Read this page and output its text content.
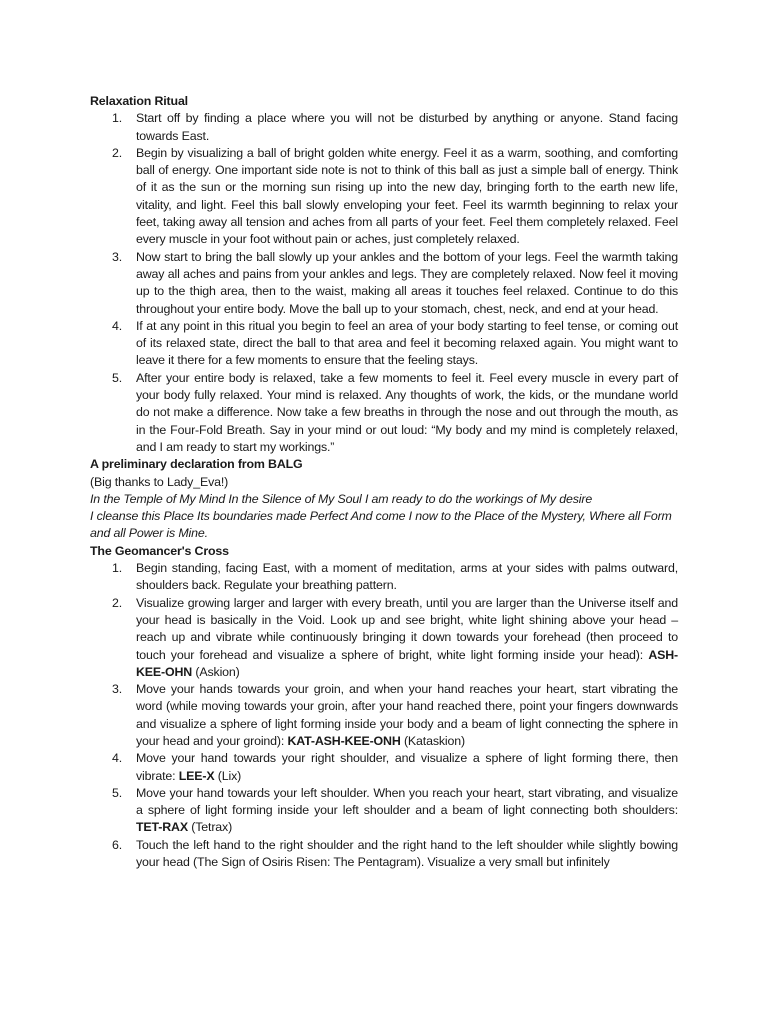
Relaxation Ritual

1. Start off by finding a place where you will not be disturbed by anything or anyone. Stand facing towards East.
2. Begin by visualizing a ball of bright golden white energy. Feel it as a warm, soothing, and comforting ball of energy. One important side note is not to think of this ball as just a simple ball of energy. Think of it as the sun or the morning sun rising up into the new day, bringing forth to the earth new life, vitality, and light. Feel this ball slowly enveloping your feet. Feel its warmth beginning to relax your feet, taking away all tension and aches from all parts of your feet. Feel them completely relaxed. Feel every muscle in your foot without pain or aches, just completely relaxed.
3. Now start to bring the ball slowly up your ankles and the bottom of your legs. Feel the warmth taking away all aches and pains from your ankles and legs. They are completely relaxed. Now feel it moving up to the thigh area, then to the waist, making all areas it touches feel relaxed. Continue to do this throughout your entire body. Move the ball up to your stomach, chest, neck, and end at your head.
4. If at any point in this ritual you begin to feel an area of your body starting to feel tense, or coming out of its relaxed state, direct the ball to that area and feel it becoming relaxed again. You might want to leave it there for a few moments to ensure that the feeling stays.
5. After your entire body is relaxed, take a few moments to feel it. Feel every muscle in every part of your body fully relaxed. Your mind is relaxed. Any thoughts of work, the kids, or the mundane world do not make a difference. Now take a few breaths in through the nose and out through the mouth, as in the Four-Fold Breath. Say in your mind or out loud: “My body and my mind is completely relaxed, and I am ready to start my workings.”

A preliminary declaration from BALG

(Big thanks to Lady_Eva!)

In the Temple of My Mind In the Silence of My Soul I am ready to do the workings of My desire

I cleanse this Place Its boundaries made Perfect And come I now to the Place of the Mystery, Where all Form and all Power is Mine.

The Geomancer's Cross

1. Begin standing, facing East, with a moment of meditation, arms at your sides with palms outward, shoulders back. Regulate your breathing pattern.
2. Visualize growing larger and larger with every breath, until you are larger than the Universe itself and your head is basically in the Void. Look up and see bright, white light shining above your head – reach up and vibrate while continuously bringing it down towards your forehead (then proceed to touch your forehead and visualize a sphere of bright, white light forming inside your head): ASH-KEE-OHN (Askion)
3. Move your hands towards your groin, and when your hand reaches your heart, start vibrating the word (while moving towards your groin, after your hand reached there, point your fingers downwards and visualize a sphere of light forming inside your body and a beam of light connecting the sphere in your head and your groind): KAT-ASH-KEE-ONH (Kataskion)
4. Move your hand towards your right shoulder, and visualize a sphere of light forming there, then vibrate: LEE-X (Lix)
5. Move your hand towards your left shoulder. When you reach your heart, start vibrating, and visualize a sphere of light forming inside your left shoulder and a beam of light connecting both shoulders: TET-RAX (Tetrax)
6. Touch the left hand to the right shoulder and the right hand to the left shoulder while slightly bowing your head (The Sign of Osiris Risen: The Pentagram). Visualize a very small but infinitely
